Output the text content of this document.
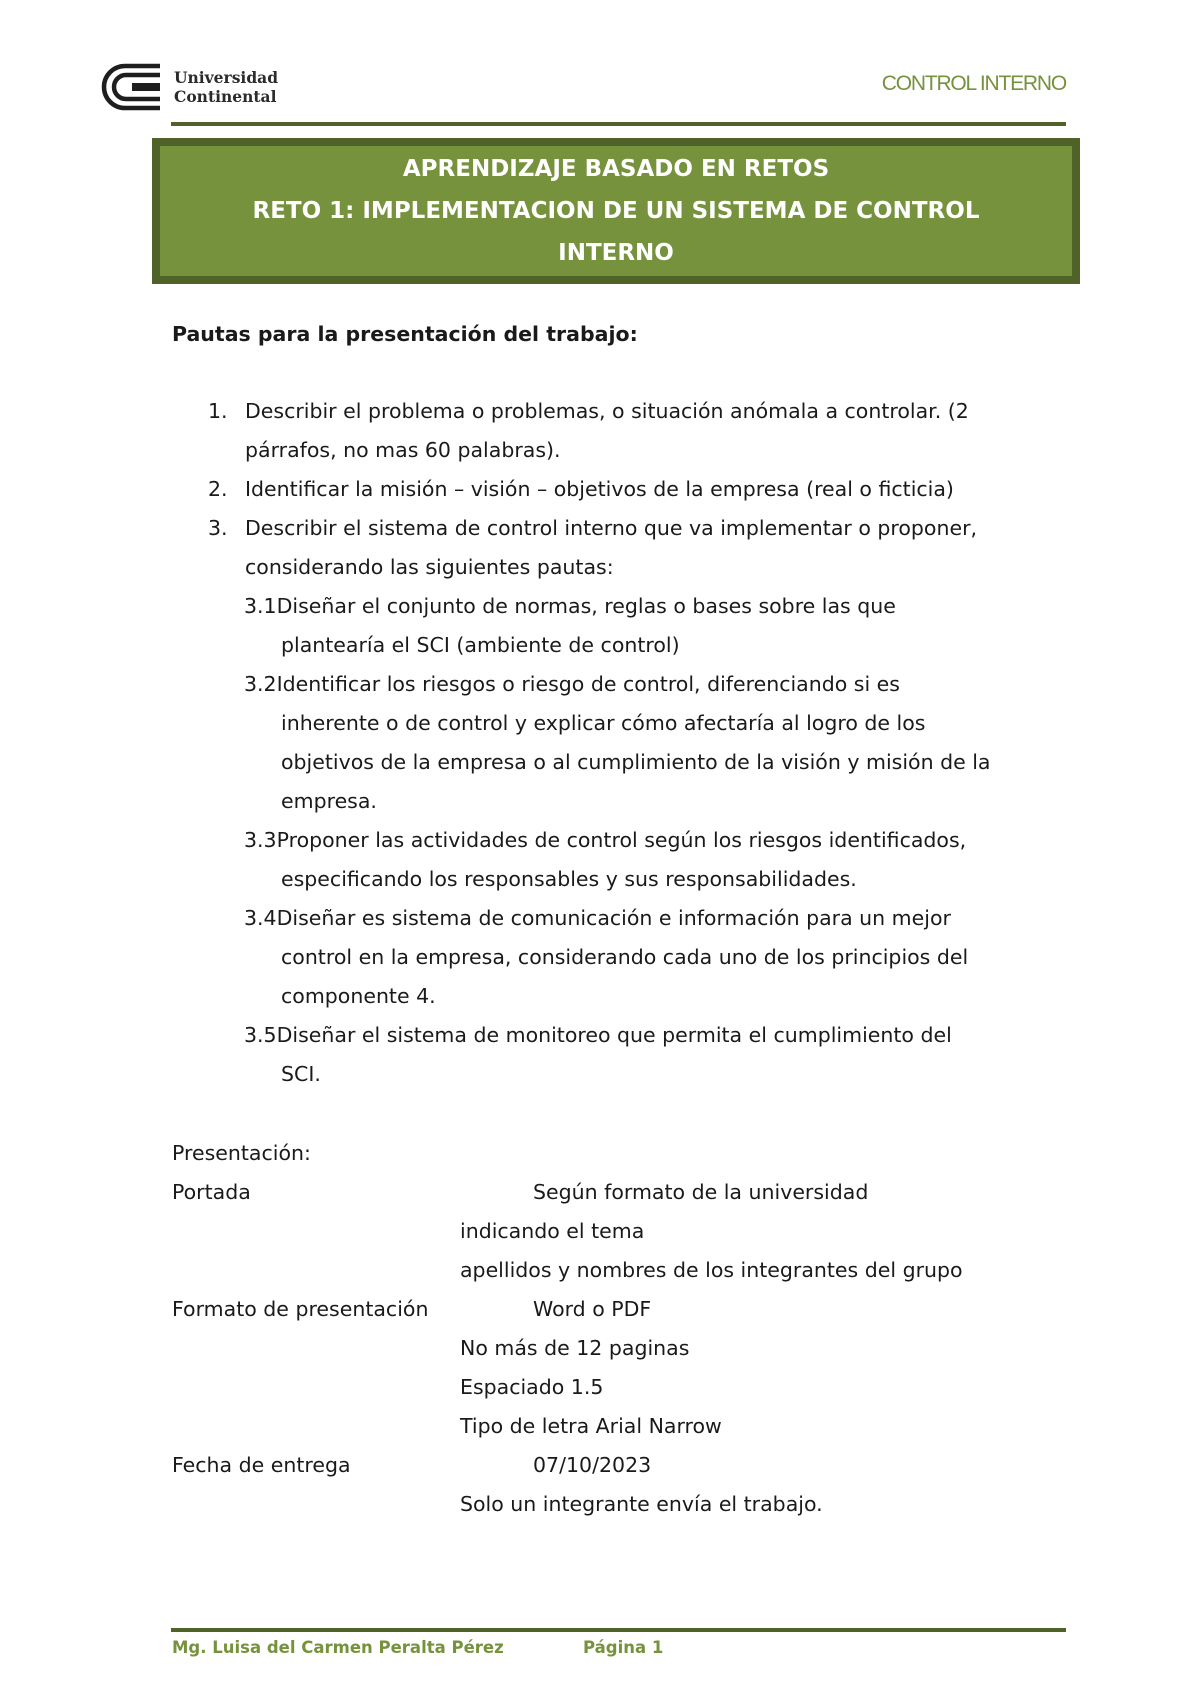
Universidad
Continental
CONTROL INTERNO
APRENDIZAJE BASADO EN RETOS
RETO 1: IMPLEMENTACION DE UN SISTEMA DE CONTROL
INTERNO
Pautas para la presentación del trabajo:
1. Describir el problema o problemas, o situación anómala a controlar. (2
párrafos, no mas 60 palabras).
2. Identificar la misión – visión – objetivos de la empresa (real o ficticia)
3. Describir el sistema de control interno que va implementar o proponer,
considerando las siguientes pautas:
3.1Diseñar el conjunto de normas, reglas o bases sobre las que
plantearía el SCI (ambiente de control)
3.2Identificar los riesgos o riesgo de control, diferenciando si es
inherente o de control y explicar cómo afectaría al logro de los
objetivos de la empresa o al cumplimiento de la visión y misión de la
empresa.
3.3Proponer las actividades de control según los riesgos identificados,
especificando los responsables y sus responsabilidades.
3.4Diseñar es sistema de comunicación e información para un mejor
control en la empresa, considerando cada uno de los principios del
componente 4.
3.5Diseñar el sistema de monitoreo que permita el cumplimiento del
SCI.
Presentación:
Portada	Según formato de la universidad
indicando el tema
apellidos y nombres de los integrantes del grupo
Formato de presentación	Word o PDF
No más de 12 paginas
Espaciado 1.5
Tipo de letra Arial Narrow
Fecha de entrega	07/10/2023
Solo un integrante envía el trabajo.
Mg. Luisa del Carmen Peralta Pérez	Página 1
